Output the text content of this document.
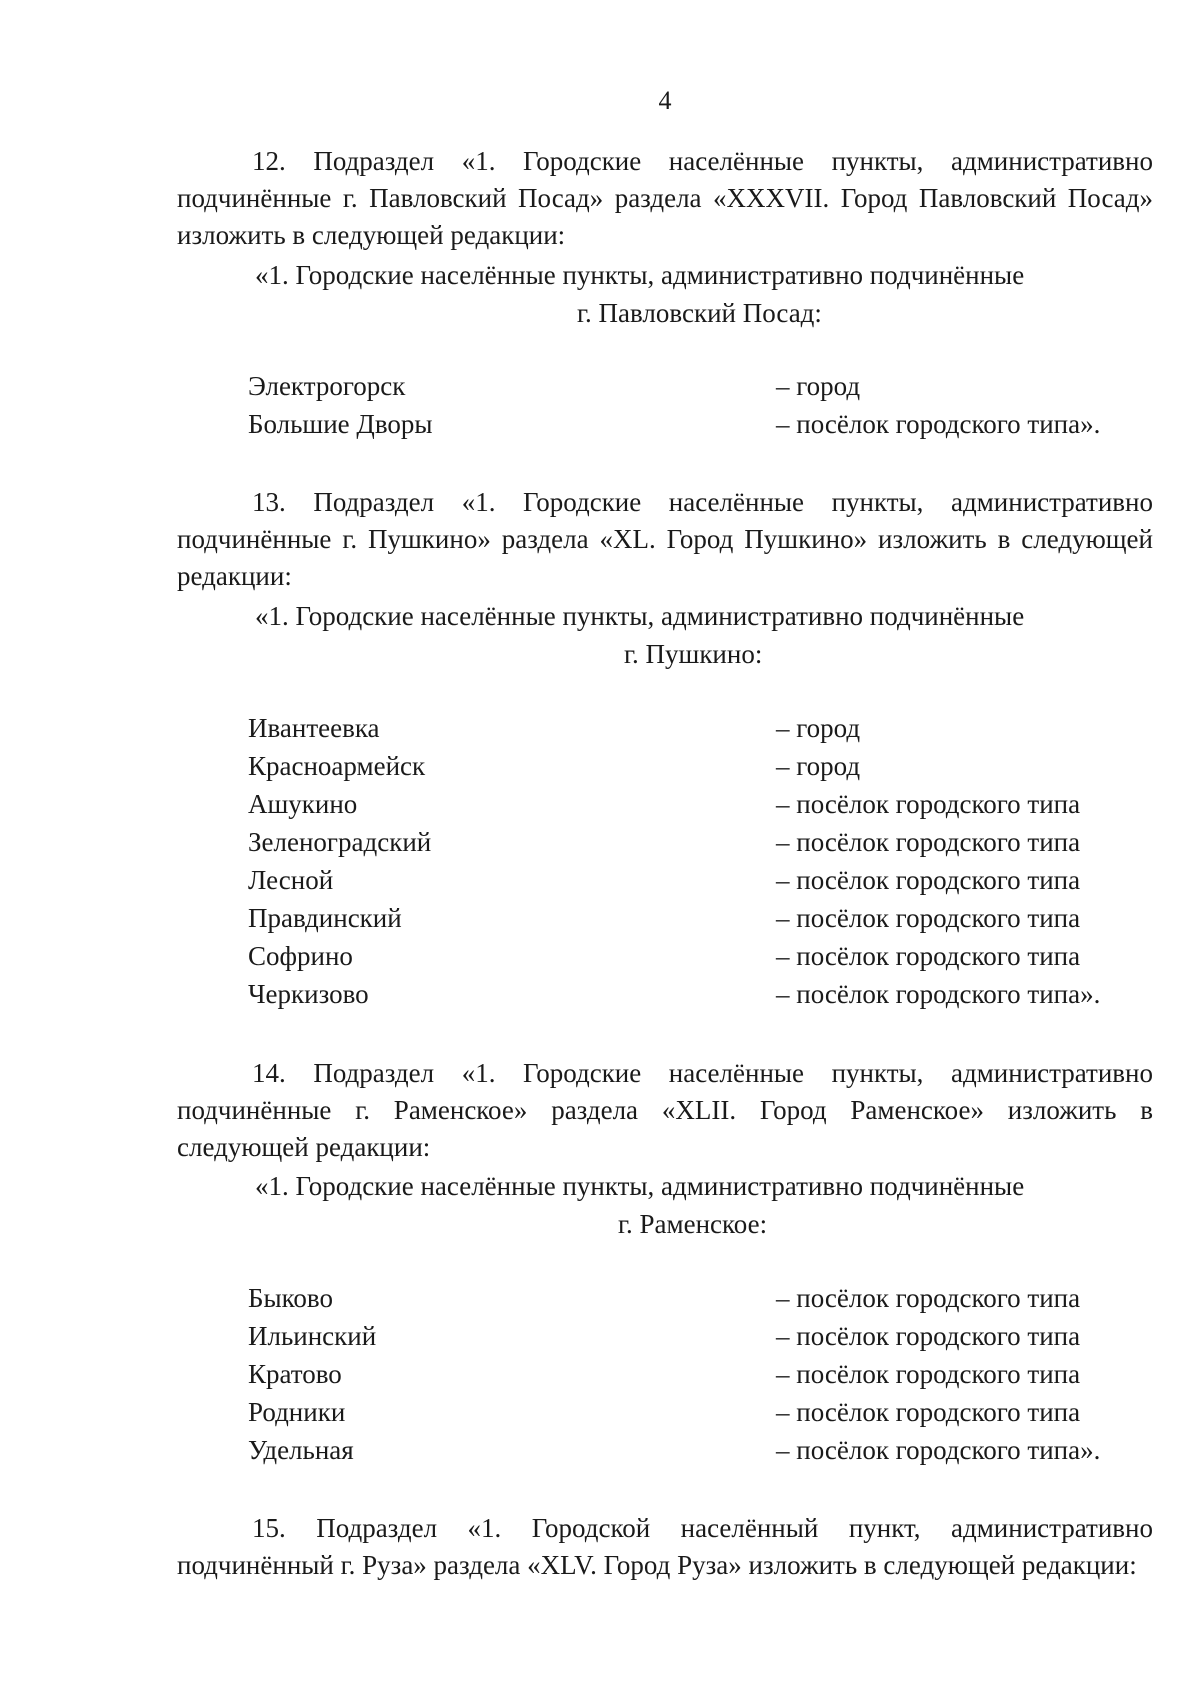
4
12. Подраздел «1. Городские населённые пункты, административно подчинённые г. Павловский Посад» раздела «XXXVII. Город Павловский Посад» изложить в следующей редакции:
«1. Городские населённые пункты, административно подчинённые
г. Павловский Посад:
Электрогорск	– город
Большие Дворы	– посёлок городского типа».
13. Подраздел «1. Городские населённые пункты, административно подчинённые г. Пушкино» раздела «XL. Город Пушкино» изложить в следующей редакции:
«1. Городские населённые пункты, административно подчинённые
г. Пушкино:
Ивантеевка	– город
Красноармейск	– город
Ашукино	– посёлок городского типа
Зеленоградский	– посёлок городского типа
Лесной	– посёлок городского типа
Правдинский	– посёлок городского типа
Софрино	– посёлок городского типа
Черкизово	– посёлок городского типа».
14. Подраздел «1. Городские населённые пункты, административно подчинённые г. Раменское» раздела «XLII. Город Раменское» изложить в следующей редакции:
«1. Городские населённые пункты, административно подчинённые
г. Раменское:
Быково	– посёлок городского типа
Ильинский	– посёлок городского типа
Кратово	– посёлок городского типа
Родники	– посёлок городского типа
Удельная	– посёлок городского типа».
15. Подраздел «1. Городской населённый пункт, административно подчинённый г. Руза» раздела «XLV. Город Руза» изложить в следующей редакции:
